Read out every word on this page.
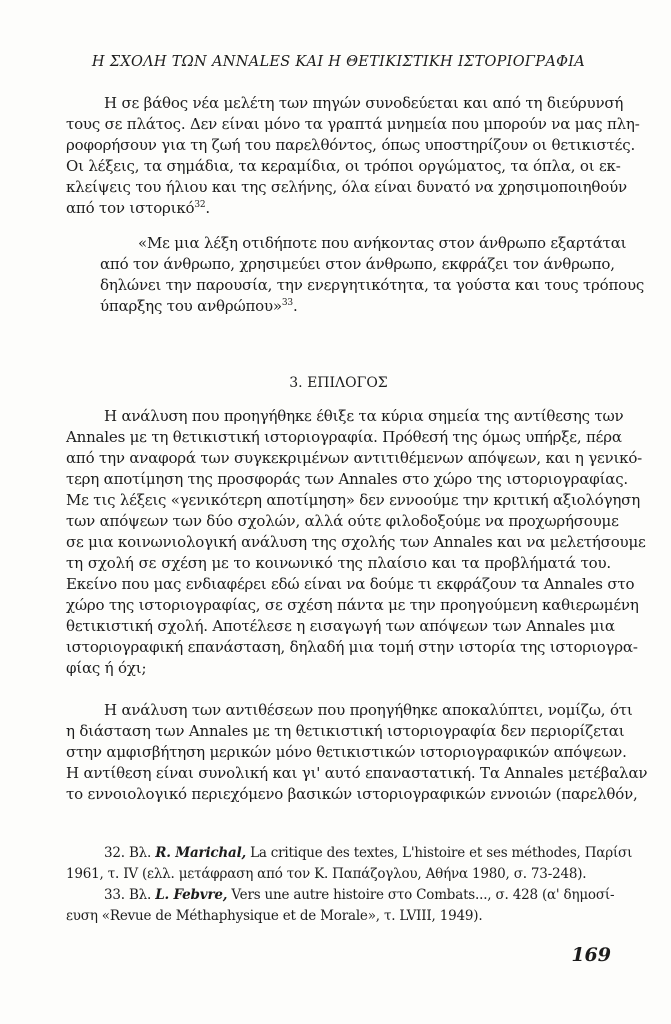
Η ΣΧΟΛΗ ΤΩΝ ANNALES ΚΑΙ Η ΘΕΤΙΚΙΣΤΙΚΗ ΙΣΤΟΡΙΟΓΡΑΦΙΑ
Η σε βάθος νέα μελέτη των πηγών συνοδεύεται και από τη διεύρυνσή
τους σε πλάτος. Δεν είναι μόνο τα γραπτά μνημεία που μπορούν να μας πλη-
ροφορήσουν για τη ζωή του παρελθόντος, όπως υποστηρίζουν οι θετικιστές.
Οι λέξεις, τα σημάδια, τα κεραμίδια, οι τρόποι οργώματος, τα όπλα, οι εκ-
κλείψεις του ήλιου και της σελήνης, όλα είναι δυνατό να χρησιμοποιηθούν
από τον ιστορικό$^{32}$.
«Με μια λέξη οτιδήποτε που ανήκοντας στον άνθρωπο εξαρτάται
από τον άνθρωπο, χρησιμεύει στον άνθρωπο, εκφράζει τον άνθρωπο,
δηλώνει την παρουσία, την ενεργητικότητα, τα γούστα και τους τρόπους
ύπαρξης του ανθρώπου»$^{33}$.
3. ΕΠΙΛΟΓΟΣ
Η ανάλυση που προηγήθηκε έθιξε τα κύρια σημεία της αντίθεσης των
Annales με τη θετικιστική ιστοριογραφία. Πρόθεσή της όμως υπήρξε, πέρα
από την αναφορά των συγκεκριμένων αντιτιθέμενων απόψεων, και η γενικό-
τερη αποτίμηση της προσφοράς των Annales στο χώρο της ιστοριογραφίας.
Με τις λέξεις «γενικότερη αποτίμηση» δεν εννοούμε την κριτική αξιολόγηση
των απόψεων των δύο σχολών, αλλά ούτε φιλοδοξούμε να προχωρήσουμε
σε μια κοινωνιολογική ανάλυση της σχολής των Annales και να μελετήσουμε
τη σχολή σε σχέση με το κοινωνικό της πλαίσιο και τα προβλήματά του.
Εκείνο που μας ενδιαφέρει εδώ είναι να δούμε τι εκφράζουν τα Annales στο
χώρο της ιστοριογραφίας, σε σχέση πάντα με την προηγούμενη καθιερωμένη
θετικιστική σχολή. Αποτέλεσε η εισαγωγή των απόψεων των Annales μια
ιστοριογραφική επανάσταση, δηλαδή μια τομή στην ιστορία της ιστοριογρα-
φίας ή όχι;
Η ανάλυση των αντιθέσεων που προηγήθηκε αποκαλύπτει, νομίζω, ότι
η διάσταση των Annales με τη θετικιστική ιστοριογραφία δεν περιορίζεται
στην αμφισβήτηση μερικών μόνο θετικιστικών ιστοριογραφικών απόψεων.
Η αντίθεση είναι συνολική και γι' αυτό επαναστατική. Τα Annales μετέβαλαν
το εννοιολογικό περιεχόμενο βασικών ιστοριογραφικών εννοιών (παρελθόν,
32. Βλ. R. Marichal, La critique des textes, L'histoire et ses méthodes, Παρίσι
1961, τ. IV (ελλ. μετάφραση από τον Κ. Παπάζογλου, Αθήνα 1980, σ. 73-248).
33. Βλ. L. Febvre, Vers une autre histoire στο Combats..., σ. 428 (α' δημοσί-
ευση «Revue de Méthaphysique et de Morale», τ. LVIII, 1949).
169
